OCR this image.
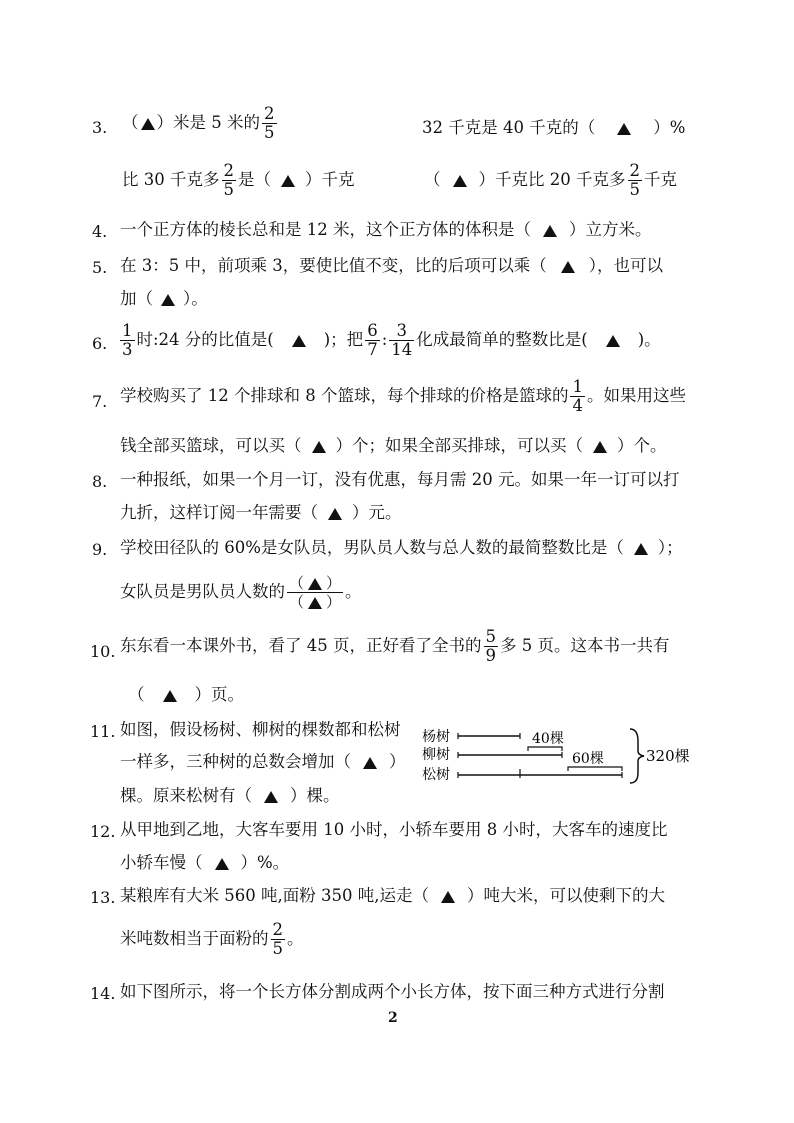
3. （ ）米是 5 米的 $\frac{2}{5}$	32 千克是 40 千克的（	）%
比 30 千克多 $\frac{2}{5}$ 是（ ）千克	（ ）千克比 20 千克多 $\frac{2}{5}$ 千克
4. 一个正方体的棱长总和是 12 米，这个正方体的体积是（ ）立方米。
5. 在 3：5 中，前项乘 3，要使比值不变，比的后项可以乘（	），也可以
加（ ）。
6. $\frac{1}{3}$ 时:24 分的比值是(	)；把 $\frac{6}{7}$ : $\frac{3}{14}$ 化成最简单的整数比是(	)。
7. 学校购买了 12 个排球和 8 个篮球，每个排球的价格是篮球的 $\frac{1}{4}$ 。如果用这些
钱全部买篮球，可以买（ ）个；如果全部买排球，可以买（ ）个。
8. 一种报纸，如果一个月一订，没有优惠，每月需 20 元。如果一年一订可以打
九折，这样订阅一年需要（ ）元。
9. 学校田径队的 60%是女队员，男队员人数与总人数的最简整数比是（ ）；
女队员是男队员人数的 $\frac{( )}{( )}$ 。
10. 东东看一本课外书，看了 45 页，正好看了全书的 $\frac{5}{9}$ 多 5 页。这本书一共有
（	）页。
11. 如图，假设杨树、柳树的棵数都和松树
一样多，三种树的总数会增加（ ）
棵。原来松树有（ ）棵。
杨树
柳树
松树
40棵
60棵	320棵
12. 从甲地到乙地，大客车要用 10 小时，小轿车要用 8 小时，大客车的速度比
小轿车慢（ ）%。
13. 某粮库有大米 560 吨,面粉 350 吨,运走（ ）吨大米，可以使剩下的大
米吨数相当于面粉的 $\frac{2}{5}$ 。
14. 如下图所示，将一个长方体分割成两个小长方体，按下面三种方式进行分割
2
